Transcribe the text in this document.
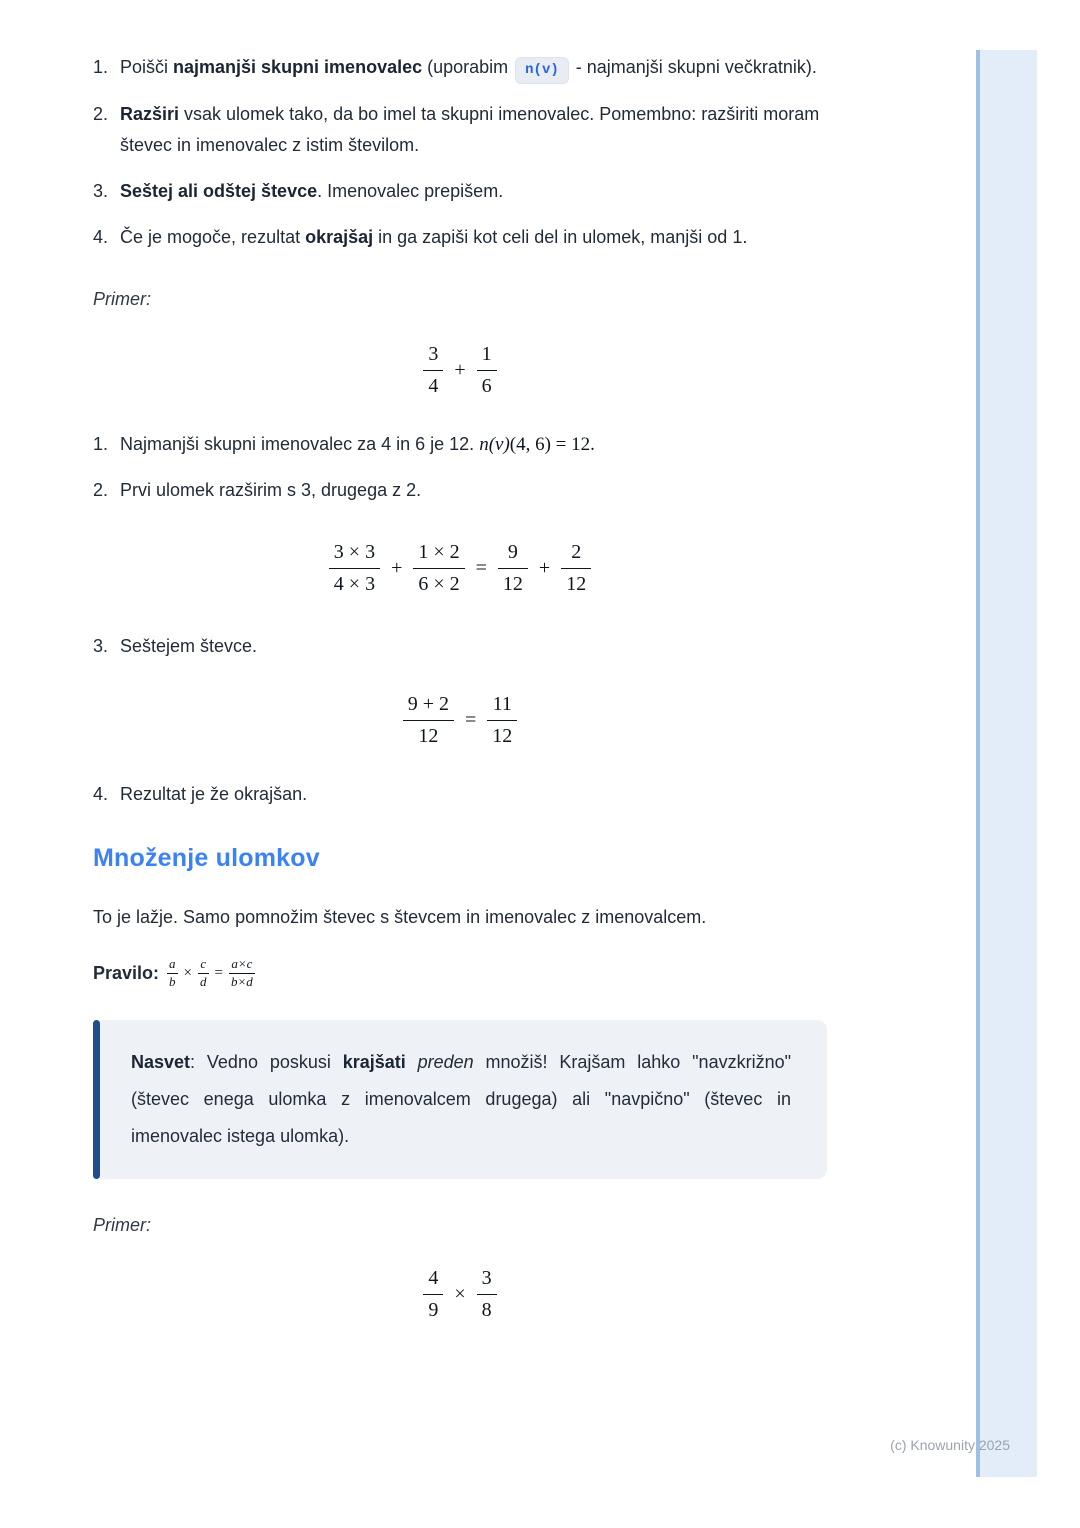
1. Poišči najmanjši skupni imenovalec (uporabim n(v) - najmanjši skupni večkratnik).
2. Razširi vsak ulomek tako, da bo imel ta skupni imenovalec. Pomembno: razširiti moram števec in imenovalec z istim številom.
3. Seštej ali odštej števce. Imenovalec prepišem.
4. Če je mogoče, rezultat okrajšaj in ga zapiši kot celi del in ulomek, manjši od 1.

Primer:

$\frac{3}{4} + \frac{1}{6}$
1. Najmanjši skupni imenovalec za 4 in 6 je 12. n(v)(4, 6) = 12.
2. Prvi ulomek razširim s 3, drugega z 2.
$\frac{3 \times 3}{4 \times 3} + \frac{1 \times 2}{6 \times 2} = \frac{9}{12} + \frac{2}{12}$
3. Seštejem števce.
$\frac{9 + 2}{12} = \frac{11}{12}$
4. Rezultat je že okrajšan.
Množenje ulomkov

To je lažje. Samo pomnožim števec s števcem in imenovalec z imenovalcem.

Pravilo: $\frac{a}{b} \times \frac{c}{d} = \frac{a\times c}{b\times d}$

Nasvet: Vedno poskusi krajšati preden množiš! Krajšam lahko "navzkrižno" (števec enega ulomka z imenovalcem drugega) ali "navpično" (števec in imenovalec istega ulomka).

Primer:

$\frac{4}{9} \times \frac{3}{8}$
(c) Knowunity 2025
